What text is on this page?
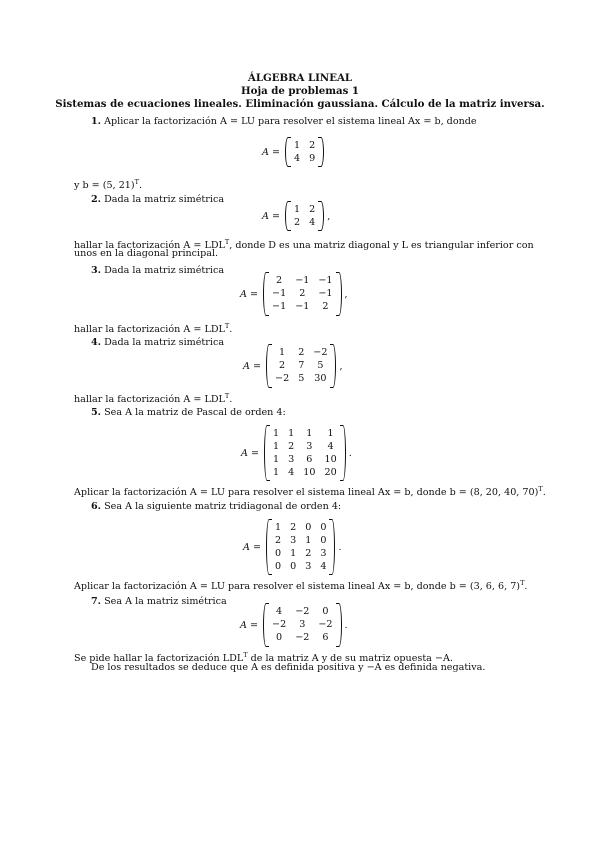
ÁLGEBRA LINEAL
Hoja de problemas 1
Sistemas de ecuaciones lineales. Eliminación gaussiana. Cálculo de la matriz inversa.
1. Aplicar la factorización A = LU para resolver el sistema lineal Ax = b, donde
A =
1 2
4 9
y b = (5, 21)$^T$.
2. Dada la matriz simétrica
A =
1 2
2 4
,
hallar la factorización $A = LDL^T$, donde D es una matriz diagonal y L es triangular inferior con
unos en la diagonal principal.
3. Dada la matriz simétrica
A =
2	−1 −1
−1	2	−1
−1 −1	2
,
hallar la factorización $A = LDL^T$.
4. Dada la matriz simétrica
A =
1	2 −2
2	7	5
−2 5 30
,
hallar la factorización $A = LDL^T$.
5. Sea A la matriz de Pascal de orden 4:
A =
1 1	1	1
1 2	3	4
1 3	6	10
1 4 10 20
.
Aplicar la factorización A = LU para resolver el sistema lineal Ax = b, donde b = (8, 20, 40, 70)$^T$.
6. Sea A la siguiente matriz tridiagonal de orden 4:
A =
1 2 0 0
2 3 1 0
0 1 2 3
0 0 3 4
.
Aplicar la factorización A = LU para resolver el sistema lineal Ax = b, donde b = (3, 6, 6, 7)$^T$.
7. Sea A la matriz simétrica
A =
4	−2	0
−2	3	−2
0	−2	6
.
Se pide hallar la factorización $LDL^T$ de la matriz A y de su matriz opuesta −A.
De los resultados se deduce que A es definida positiva y −A es definida negativa.
